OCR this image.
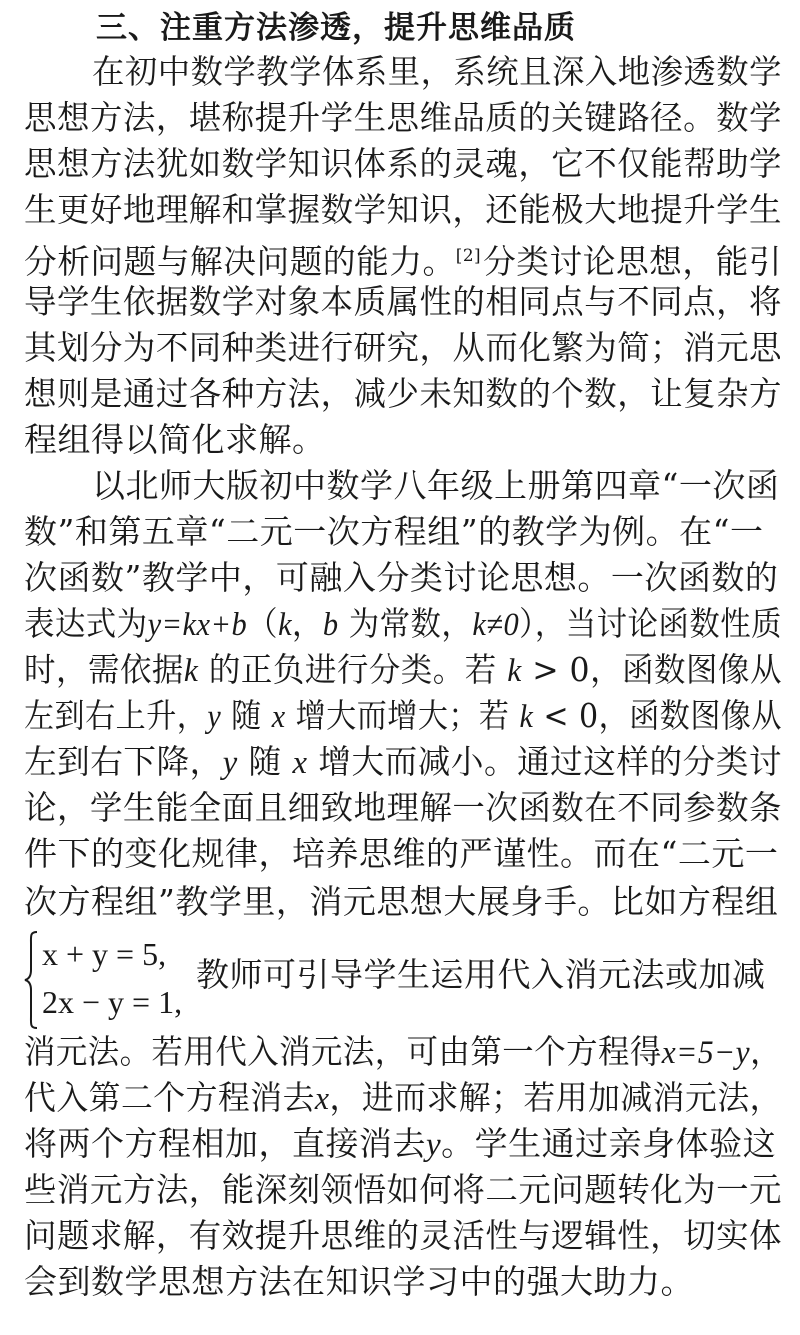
三、注重方法渗透，提升思维品质
在初中数学教学体系里，系统且深入地渗透数学
思想方法，堪称提升学生思维品质的关键路径。数学
思想方法犹如数学知识体系的灵魂，它不仅能帮助学
生更好地理解和掌握数学知识，还能极大地提升学生
分析问题与解决问题的能力。[2]分类讨论思想，能引
导学生依据数学对象本质属性的相同点与不同点，将
其划分为不同种类进行研究，从而化繁为简；消元思
想则是通过各种方法，减少未知数的个数，让复杂方
程组得以简化求解。
以北师大版初中数学八年级上册第四章“一次函
数”和第五章“二元一次方程组”的教学为例。在“一
次函数”教学中，可融入分类讨论思想。一次函数的
表达式为y=kx+b（k，b 为常数，k≠0），当讨论函数性质
时，需依据k 的正负进行分类。若 k > 0，函数图像从
左到右上升，y 随 x 增大而增大；若 k < 0，函数图像从
左到右下降，y 随 x 增大而减小。通过这样的分类讨
论，学生能全面且细致地理解一次函数在不同参数条
件下的变化规律，培养思维的严谨性。而在“二元一
次方程组”教学里，消元思想大展身手。比如方程组
x + y = 5,
2x − y = 1,
教师可引导学生运用代入消元法或加减
消元法。若用代入消元法，可由第一个方程得x=5−y，
代入第二个方程消去x，进而求解；若用加减消元法，
将两个方程相加，直接消去y。学生通过亲身体验这
些消元方法，能深刻领悟如何将二元问题转化为一元
问题求解，有效提升思维的灵活性与逻辑性，切实体
会到数学思想方法在知识学习中的强大助力。
